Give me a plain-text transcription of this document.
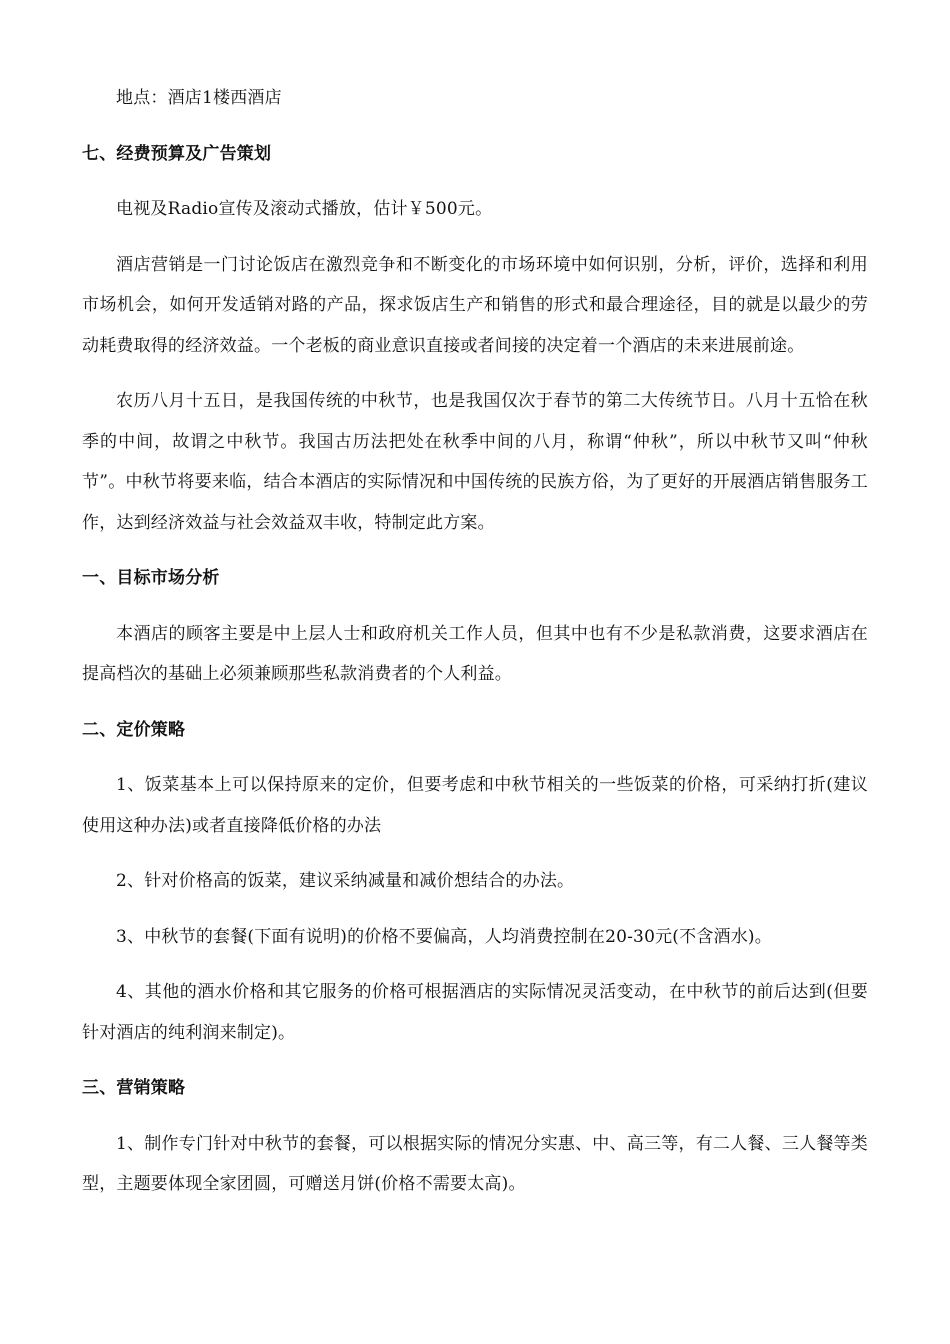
地点：酒店1楼西酒店

七、经费预算及广告策划

电视及Radio宣传及滚动式播放，估计￥500元。

酒店营销是一门讨论饭店在激烈竞争和不断变化的市场环境中如何识别，分析，评价，选择和利用市场机会，如何开发适销对路的产品，探求饭店生产和销售的形式和最合理途径，目的就是以最少的劳动耗费取得的经济效益。一个老板的商业意识直接或者间接的决定着一个酒店的未来进展前途。

农历八月十五日，是我国传统的中秋节，也是我国仅次于春节的第二大传统节日。八月十五恰在秋季的中间，故谓之中秋节。我国古历法把处在秋季中间的八月，称谓“仲秋”，所以中秋节又叫“仲秋节”。中秋节将要来临，结合本酒店的实际情况和中国传统的民族方俗，为了更好的开展酒店销售服务工作，达到经济效益与社会效益双丰收，特制定此方案。

一、目标市场分析

本酒店的顾客主要是中上层人士和政府机关工作人员，但其中也有不少是私款消费，这要求酒店在提高档次的基础上必须兼顾那些私款消费者的个人利益。

二、定价策略

1、饭菜基本上可以保持原来的定价，但要考虑和中秋节相关的一些饭菜的价格，可采纳打折(建议使用这种办法)或者直接降低价格的办法

2、针对价格高的饭菜，建议采纳减量和减价想结合的办法。

3、中秋节的套餐(下面有说明)的价格不要偏高，人均消费控制在20-30元(不含酒水)。

4、其他的酒水价格和其它服务的价格可根据酒店的实际情况灵活变动，在中秋节的前后达到(但要针对酒店的纯利润来制定)。

三、营销策略

1、制作专门针对中秋节的套餐，可以根据实际的情况分实惠、中、高三等，有二人餐、三人餐等类型，主题要体现全家团圆，可赠送月饼(价格不需要太高)。
